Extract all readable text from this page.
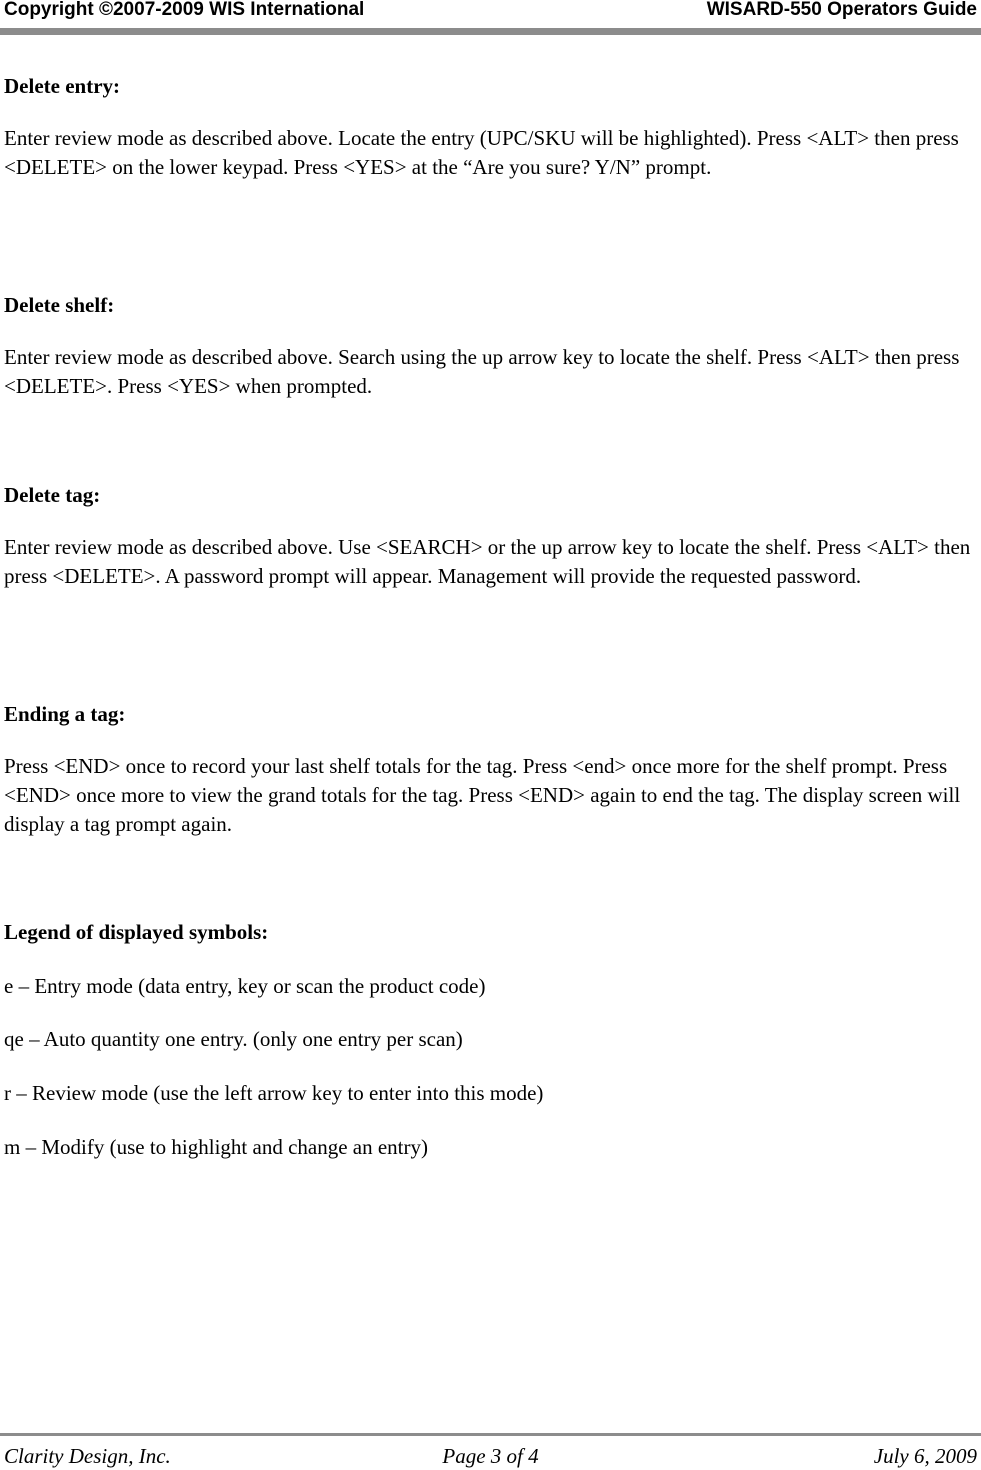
Copyright ©2007-2009 WIS International	WISARD-550 Operators Guide
Delete entry:
Enter review mode as described above. Locate the entry (UPC/SKU will be highlighted). Press <ALT> then press <DELETE> on the lower keypad. Press <YES> at the “Are you sure? Y/N” prompt.
Delete shelf:
Enter review mode as described above. Search using the up arrow key to locate the shelf. Press <ALT> then press <DELETE>. Press <YES> when prompted.
Delete tag:
Enter review mode as described above. Use <SEARCH> or the up arrow key to locate the shelf. Press <ALT> then press <DELETE>. A password prompt will appear. Management will provide the requested password.
Ending a tag:
Press <END> once to record your last shelf totals for the tag. Press <end> once more for the shelf prompt. Press <END> once more to view the grand totals for the tag. Press <END> again to end the tag. The display screen will display a tag prompt again.
Legend of displayed symbols:
e – Entry mode (data entry, key or scan the product code)
qe – Auto quantity one entry. (only one entry per scan)
r – Review mode (use the left arrow key to enter into this mode)
m – Modify (use to highlight and change an entry)
Clarity Design, Inc.	Page 3 of 4	July 6, 2009
